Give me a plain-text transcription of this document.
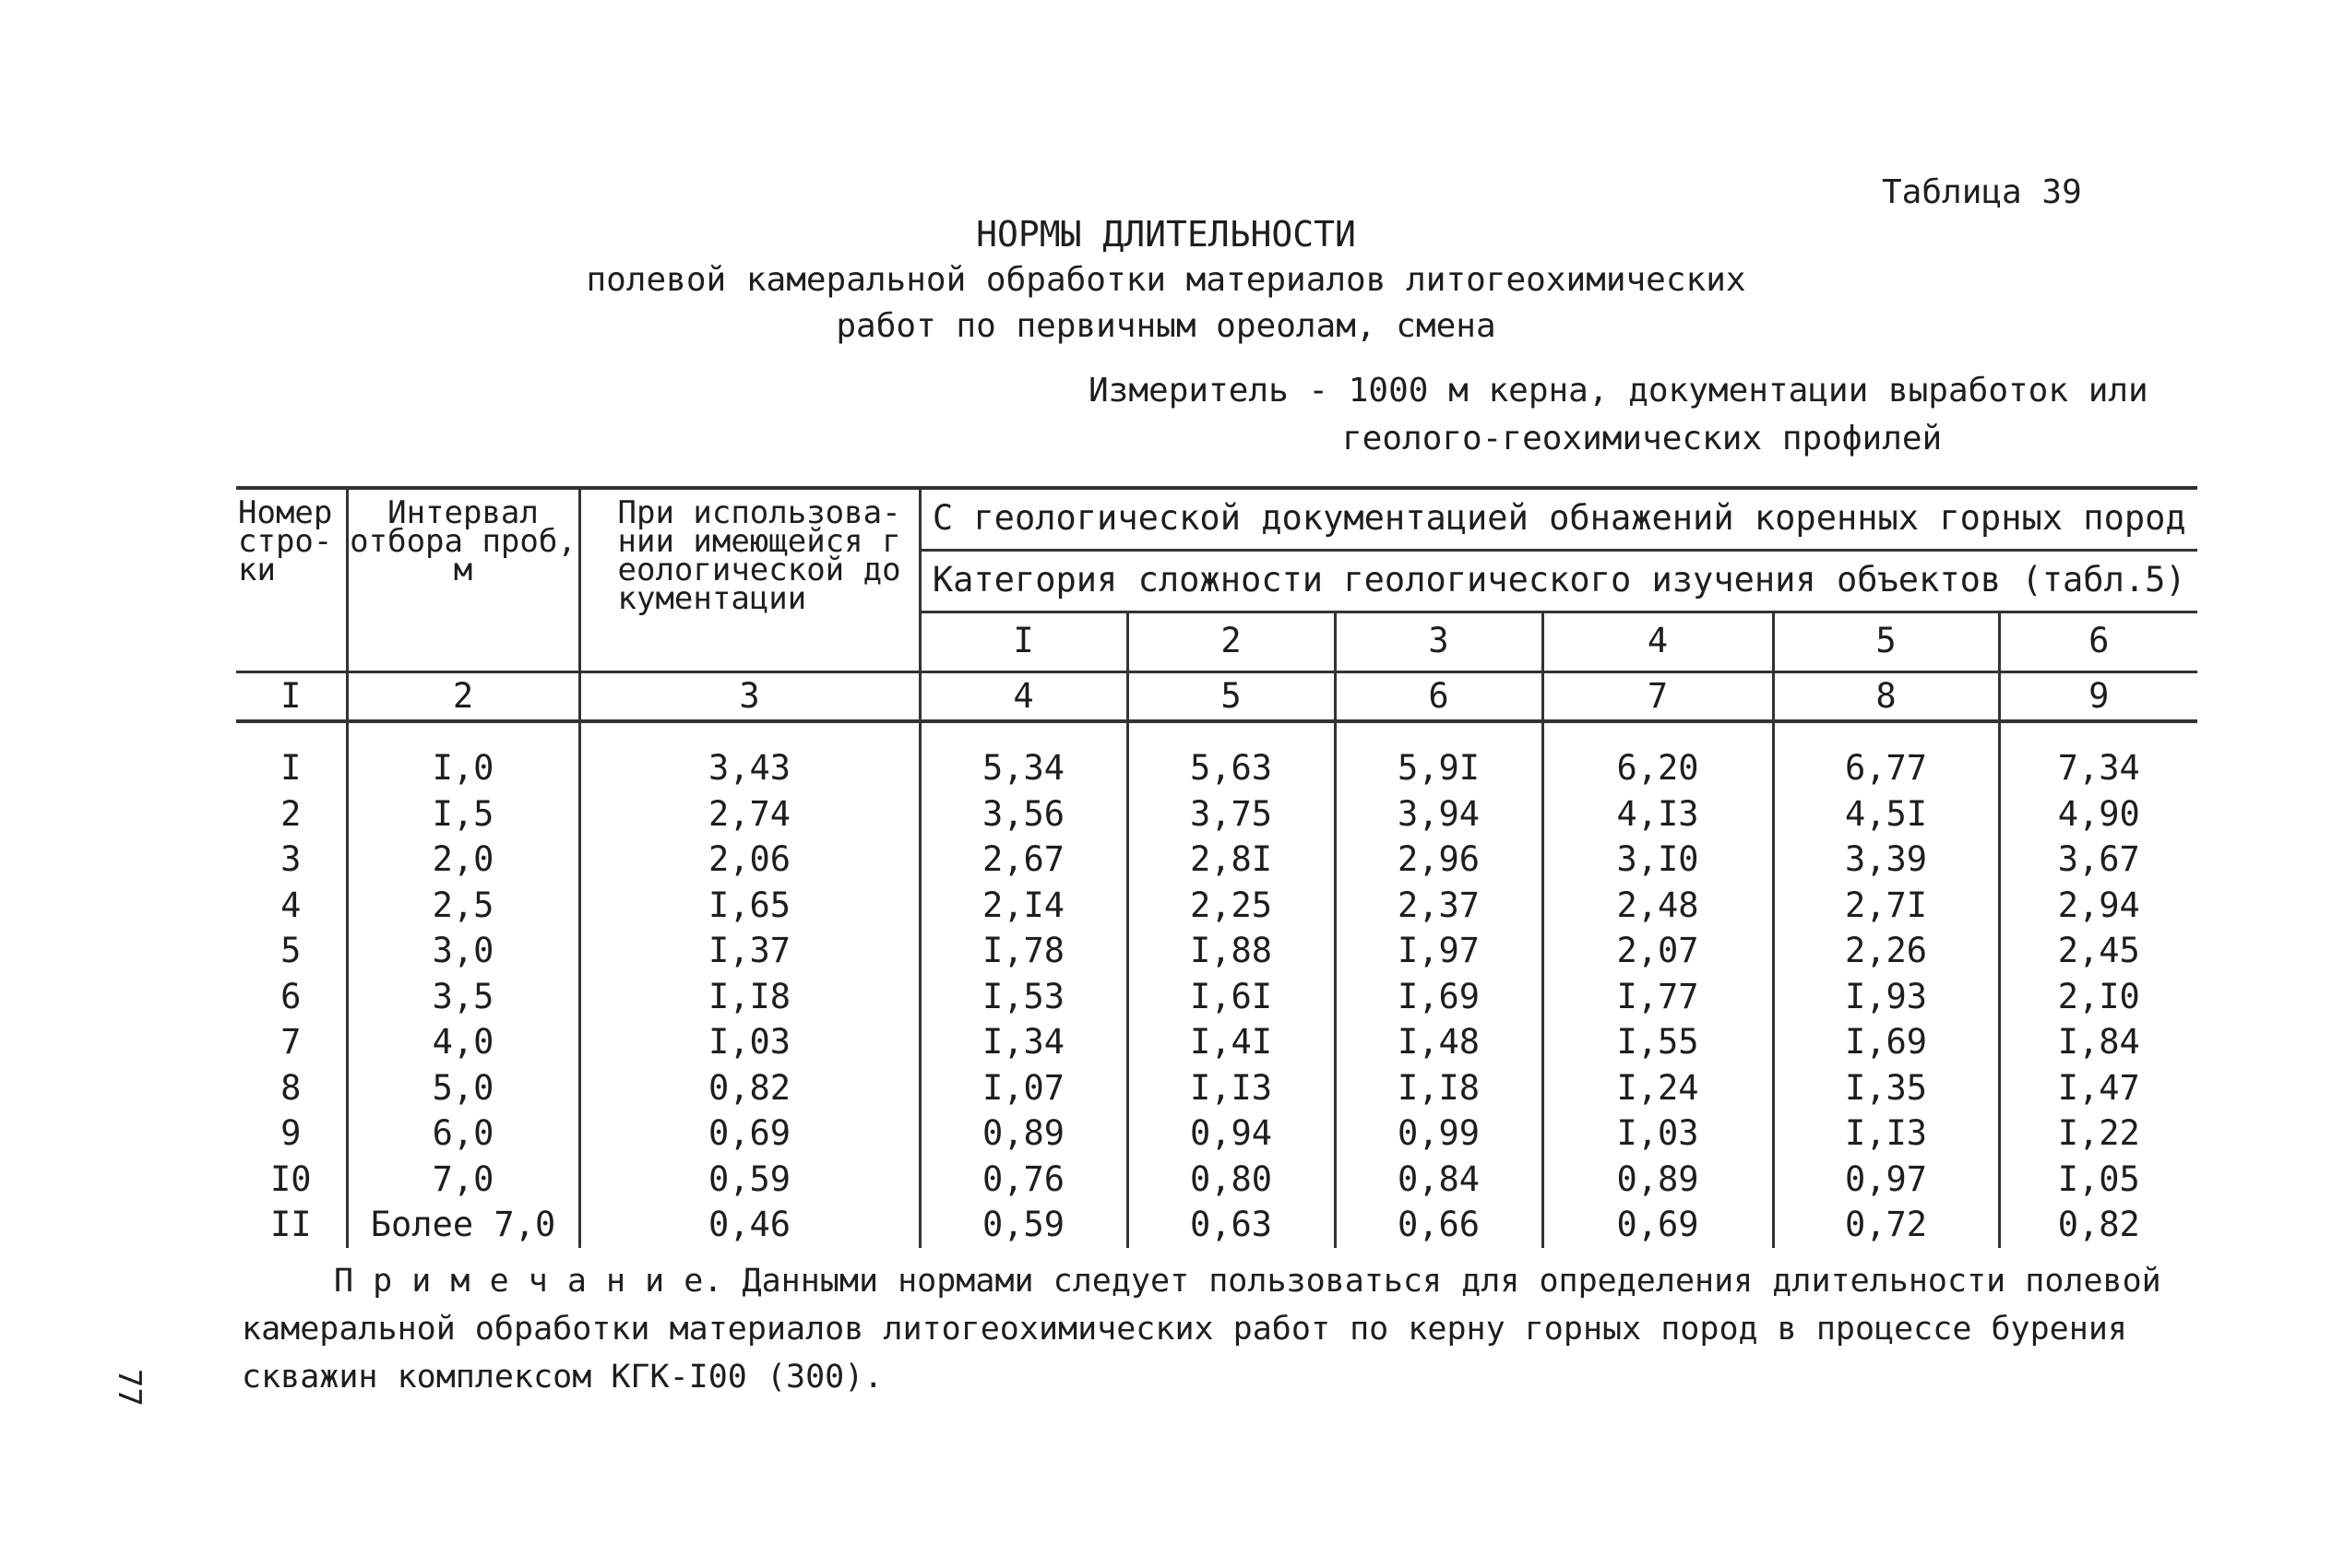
Таблица 39
НОРМЫ ДЛИТЕЛЬНОСТИ
полевой камеральной обработки материалов литогеохимических
работ по первичным ореолам, смена
Измеритель - 1000 м керна, документации выработок или
геолого-геохимических профилей
Номер стро-ки	Интервал отбора проб, м	При использова-нии имеющейся геологической документации	С геологической документацией обнажений коренных горных пород					
			Категория сложности геологического изучения объектов (табл.5)					
			I	2	3	4	5	6
I	2	3	4	5	6	7	8	9
I	I,0	3,43	5,34	5,63	5,9I	6,20	6,77	7,34
2	I,5	2,74	3,56	3,75	3,94	4,I3	4,5I	4,90
3	2,0	2,06	2,67	2,8I	2,96	3,I0	3,39	3,67
4	2,5	I,65	2,I4	2,25	2,37	2,48	2,7I	2,94
5	3,0	I,37	I,78	I,88	I,97	2,07	2,26	2,45
6	3,5	I,I8	I,53	I,6I	I,69	I,77	I,93	2,I0
7	4,0	I,03	I,34	I,4I	I,48	I,55	I,69	I,84
8	5,0	0,82	I,07	I,I3	I,I8	I,24	I,35	I,47
9	6,0	0,69	0,89	0,94	0,99	I,03	I,I3	I,22
I0	7,0	0,59	0,76	0,80	0,84	0,89	0,97	I,05
II	Более 7,0	0,46	0,59	0,63	0,66	0,69	0,72	0,82
П р и м е ч а н и е. Данными нормами следует пользоваться для определения длительности полевой
камеральной обработки материалов литогеохимических работ по керну горных пород в процессе бурения
скважин комплексом КГК-I00 (300).
77
